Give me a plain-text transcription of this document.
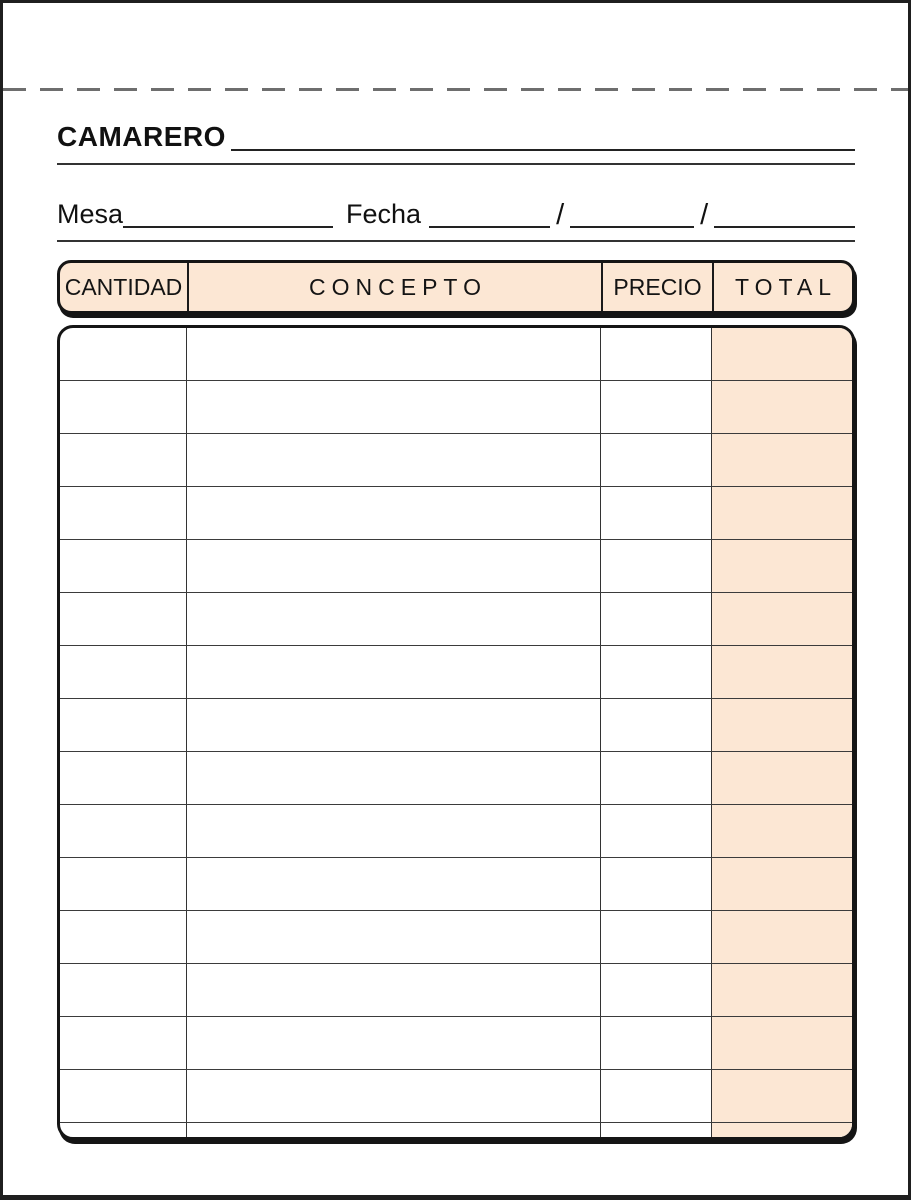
CAMARERO
Mesa	Fecha	/	/
CANTIDAD	CONCEPTO	PRECIO	TOTAL
